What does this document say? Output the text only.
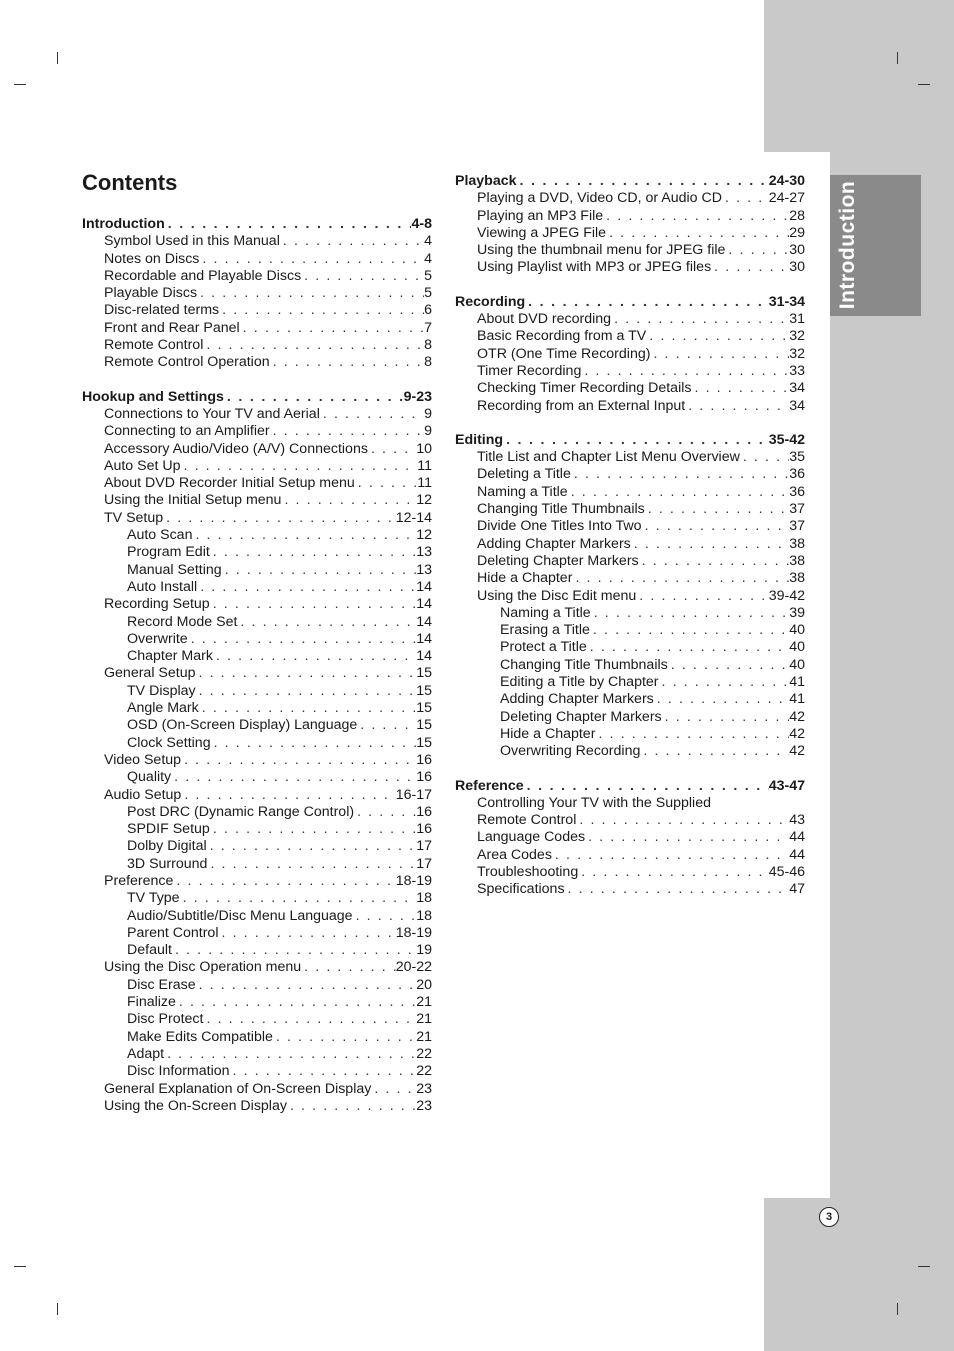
Introduction
3
Contents
Introduction . . .	4-8
Symbol Used in this Manual . . .	4
Notes on Discs . . .	4
Recordable and Playable Discs . . .	5
Playable Discs . . .	5
Disc-related terms . . .	6
Front and Rear Panel . . .	7
Remote Control . . .	8
Remote Control Operation . . .	8
Hookup and Settings . . .	9-23
Connections to Your TV and Aerial . . .	9
Connecting to an Amplifier . . .	9
Accessory Audio/Video (A/V) Connections . . .	10
Auto Set Up . . .	11
About DVD Recorder Initial Setup menu . . .	11
Using the Initial Setup menu . . .	12
TV Setup . . .	12-14
Auto Scan . . .	12
Program Edit . . .	13
Manual Setting . . .	13
Auto Install . . .	14
Recording Setup . . .	14
Record Mode Set . . .	14
Overwrite . . .	14
Chapter Mark . . .	14
General Setup . . .	15
TV Display . . .	15
Angle Mark . . .	15
OSD (On-Screen Display) Language . . .	15
Clock Setting . . .	15
Video Setup . . .	16
Quality . . .	16
Audio Setup . . .	16-17
Post DRC (Dynamic Range Control) . . .	16
SPDIF Setup . . .	16
Dolby Digital . . .	17
3D Surround . . .	17
Preference . . .	18-19
TV Type . . .	18
Audio/Subtitle/Disc Menu Language . . .	18
Parent Control . . .	18-19
Default . . .	19
Using the Disc Operation menu . . .	20-22
Disc Erase . . .	20
Finalize . . .	21
Disc Protect . . .	21
Make Edits Compatible . . .	21
Adapt . . .	22
Disc Information . . .	22
General Explanation of On-Screen Display . . .	23
Using the On-Screen Display . . .	23
Playback . . .	24-30
Playing a DVD, Video CD, or Audio CD . . .	24-27
Playing an MP3 File . . .	28
Viewing a JPEG File . . .	29
Using the thumbnail menu for JPEG file . . .	30
Using Playlist with MP3 or JPEG files . . .	30
Recording . . .	31-34
About DVD recording . . .	31
Basic Recording from a TV . . .	32
OTR (One Time Recording) . . .	32
Timer Recording . . .	33
Checking Timer Recording Details . . .	34
Recording from an External Input . . .	34
Editing . . .	35-42
Title List and Chapter List Menu Overview . . .	35
Deleting a Title . . .	36
Naming a Title . . .	36
Changing Title Thumbnails . . .	37
Divide One Titles Into Two . . .	37
Adding Chapter Markers . . .	38
Deleting Chapter Markers . . .	38
Hide a Chapter . . .	38
Using the Disc Edit menu . . .	39-42
Naming a Title . . .	39
Erasing a Title . . .	40
Protect a Title . . .	40
Changing Title Thumbnails . . .	40
Editing a Title by Chapter . . .	41
Adding Chapter Markers . . .	41
Deleting Chapter Markers . . .	42
Hide a Chapter . . .	42
Overwriting Recording . . .	42
Reference . . .	43-47
Controlling Your TV with the Supplied
Remote Control . . .	43
Language Codes . . .	44
Area Codes . . .	44
Troubleshooting . . .	45-46
Specifications . . .	47
